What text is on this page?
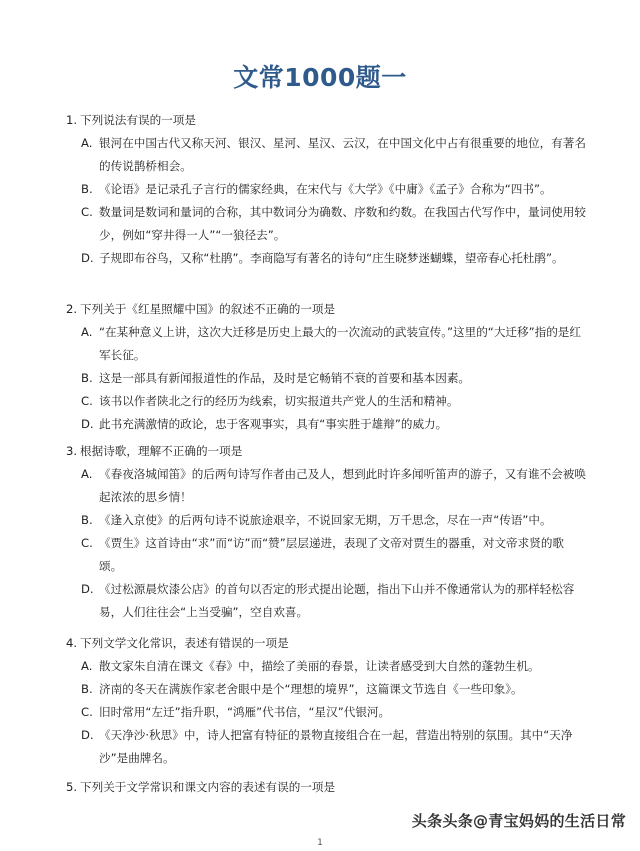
文常1000题一
1. 下列说法有误的一项是
A. 银河在中国古代又称天河、银汉、星河、星汉、云汉，在中国文化中占有很重要的地位，有著名的传说鹊桥相会。
B. 《论语》是记录孔子言行的儒家经典，在宋代与《大学》《中庸》《孟子》合称为“四书”。
C. 数量词是数词和量词的合称，其中数词分为确数、序数和约数。在我国古代写作中，量词使用较少，例如“穿井得一人”“一狼径去”。
D. 子规即布谷鸟，又称“杜鹃”。李商隐写有著名的诗句“庄生晓梦迷蝴蝶，望帝春心托杜鹃”。
2. 下列关于《红星照耀中国》的叙述不正确的一项是
A. “在某种意义上讲，这次大迁移是历史上最大的一次流动的武装宣传。”这里的“大迁移”指的是红军长征。
B. 这是一部具有新闻报道性的作品，及时是它畅销不衰的首要和基本因素。
C. 该书以作者陕北之行的经历为线索，切实报道共产党人的生活和精神。
D. 此书充满激情的政论，忠于客观事实，具有“事实胜于雄辩”的威力。
3. 根据诗歌，理解不正确的一项是
A. 《春夜洛城闻笛》的后两句诗写作者由己及人，想到此时许多闻听笛声的游子，又有谁不会被唤起浓浓的思乡情！
B. 《逢入京使》的后两句诗不说旅途艰辛，不说回家无期，万千思念，尽在一声“传语”中。
C. 《贾生》这首诗由“求”而“访”而“赞”层层递进，表现了文帝对贾生的器重，对文帝求贤的歌颂。
D. 《过松源晨炊漆公店》的首句以否定的形式提出论题，指出下山并不像通常认为的那样轻松容易，人们往往会“上当受骗”，空自欢喜。
4. 下列文学文化常识，表述有错误的一项是
A. 散文家朱自清在课文《春》中，描绘了美丽的春景，让读者感受到大自然的蓬勃生机。
B. 济南的冬天在满族作家老舍眼中是个“理想的境界”，这篇课文节选自《一些印象》。
C. 旧时常用“左迁”指升职，“鸿雁”代书信，“星汉”代银河。
D. 《天净沙·秋思》中，诗人把富有特征的景物直接组合在一起，营造出特别的氛围。其中“天净沙”是曲牌名。
5. 下列关于文学常识和课文内容的表述有误的一项是
头条头条@青宝妈妈的生活日常
1
